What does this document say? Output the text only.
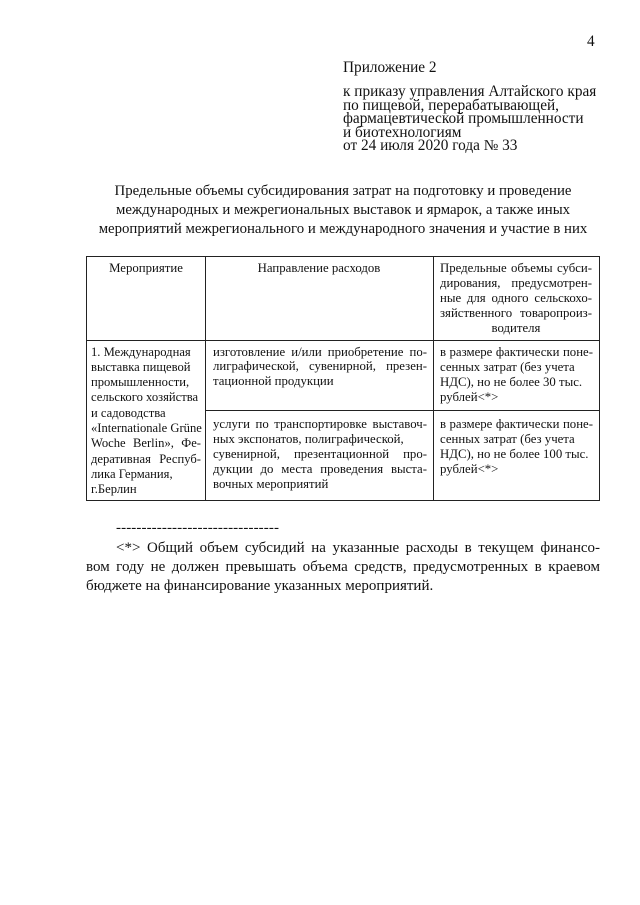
4
Приложение 2
к приказу управления Алтайского края
по пищевой, перерабатывающей,
фармацевтической промышленности
и биотехнологиям
от 24 июля 2020 года № 33
Предельные объемы субсидирования затрат на подготовку и проведение
международных и межрегиональных выставок и ярмарок, а также иных
мероприятий межрегионального и международного значения и участие в них
Мероприятие	Направление расходов	Предельные объемы субси-
дирования, предусмотрен-
ные для одного сельскохо-
зяйственного товаропроиз-
водителя
1. Международная
выставка пищевой
промышленности,
сельского хозяйства
и садоводства
«Internationale Grüne
Woche Berlin», Фе-
деративная Респуб-
лика Германия,
г.Берлин
изготовление и/или приобретение по-
лиграфической, сувенирной, презен-
тационной продукции
в размере фактически поне-
сенных затрат (без учета
НДС), но не более 30 тыс.
рублей<*>
услуги по транспортировке выставоч-
ных экспонатов, полиграфической,
сувенирной, презентационной про-
дукции до места проведения выста-
вочных мероприятий
в размере фактически поне-
сенных затрат (без учета
НДС), но не более 100 тыс.
рублей<*>
--------------------------------
<*> Общий объем субсидий на указанные расходы в текущем финансо-
вом году не должен превышать объема средств, предусмотренных в краевом
бюджете на финансирование указанных мероприятий.
